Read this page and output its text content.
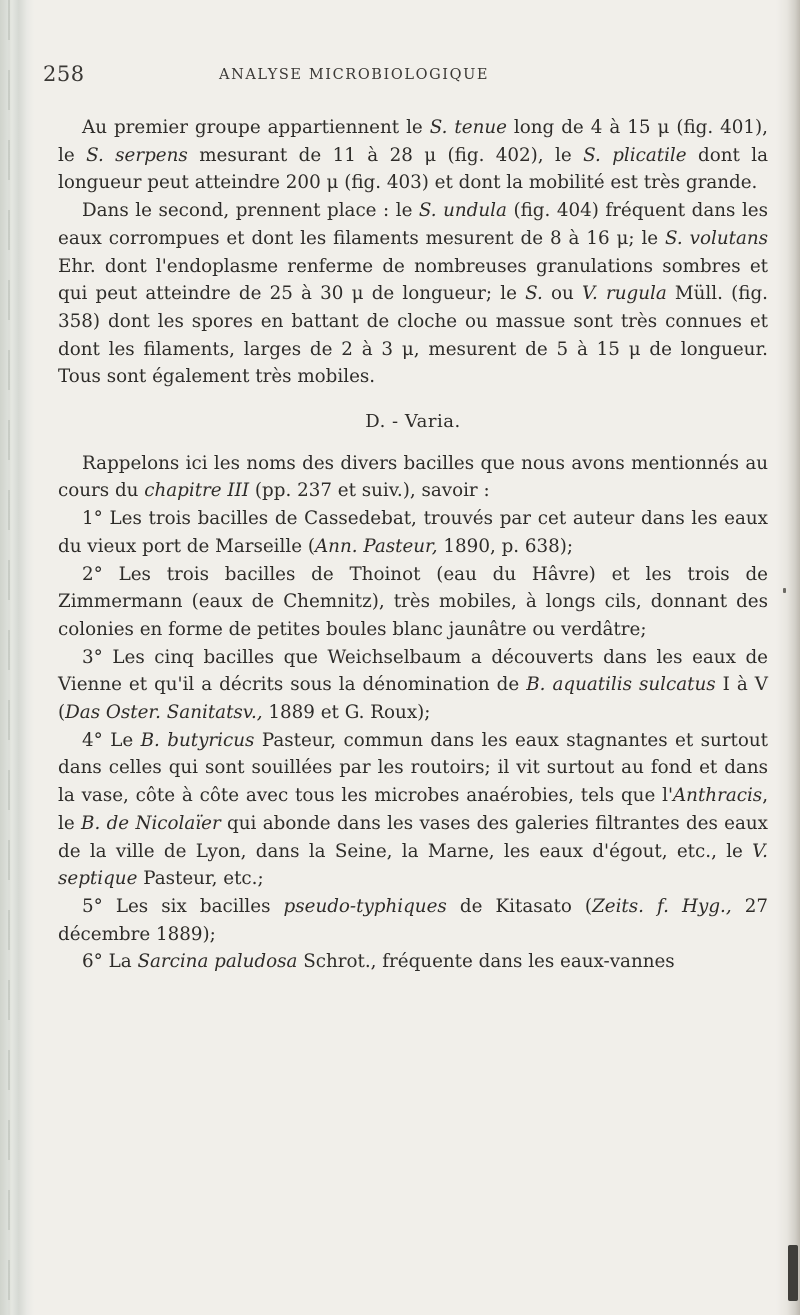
258	ANALYSE MICROBIOLOGIQUE

Au premier groupe appartiennent le S. tenue long de 4 à 15 μ (fig. 401), le S. serpens mesurant de 11 à 28 μ (fig. 402), le S. plicatile dont la longueur peut atteindre 200 μ (fig. 403) et dont la mobilité est très grande.

Dans le second, prennent place : le S. undula (fig. 404) fréquent dans les eaux corrompues et dont les filaments mesurent de 8 à 16 μ; le S. volutans Ehr. dont l'endoplasme renferme de nombreuses granulations sombres et qui peut atteindre de 25 à 30 μ de longueur; le S. ou V. rugula Müll. (fig. 358) dont les spores en battant de cloche ou massue sont très connues et dont les filaments, larges de 2 à 3 μ, mesurent de 5 à 15 μ de longueur. Tous sont également très mobiles.

D. - Varia.

Rappelons ici les noms des divers bacilles que nous avons mentionnés au cours du chapitre III (pp. 237 et suiv.), savoir :

1° Les trois bacilles de Cassedebat, trouvés par cet auteur dans les eaux du vieux port de Marseille (Ann. Pasteur, 1890, p. 638);

2° Les trois bacilles de Thoinot (eau du Hâvre) et les trois de Zimmermann (eaux de Chemnitz), très mobiles, à longs cils, donnant des colonies en forme de petites boules blanc jaunâtre ou verdâtre;

3° Les cinq bacilles que Weichselbaum a découverts dans les eaux de Vienne et qu'il a décrits sous la dénomination de B. aquatilis sulcatus I à V (Das Oster. Sanitatsv., 1889 et G. Roux);

4° Le B. butyricus Pasteur, commun dans les eaux stagnantes et surtout dans celles qui sont souillées par les routoirs; il vit surtout au fond et dans la vase, côte à côte avec tous les microbes anaérobies, tels que l'Anthracis, le B. de Nicolaïer qui abonde dans les vases des galeries filtrantes des eaux de la ville de Lyon, dans la Seine, la Marne, les eaux d'égout, etc., le V. septique Pasteur, etc.;

5° Les six bacilles pseudo-typhiques de Kitasato (Zeits. f. Hyg., 27 décembre 1889);

6° La Sarcina paludosa Schrot., fréquente dans les eaux-vannes
